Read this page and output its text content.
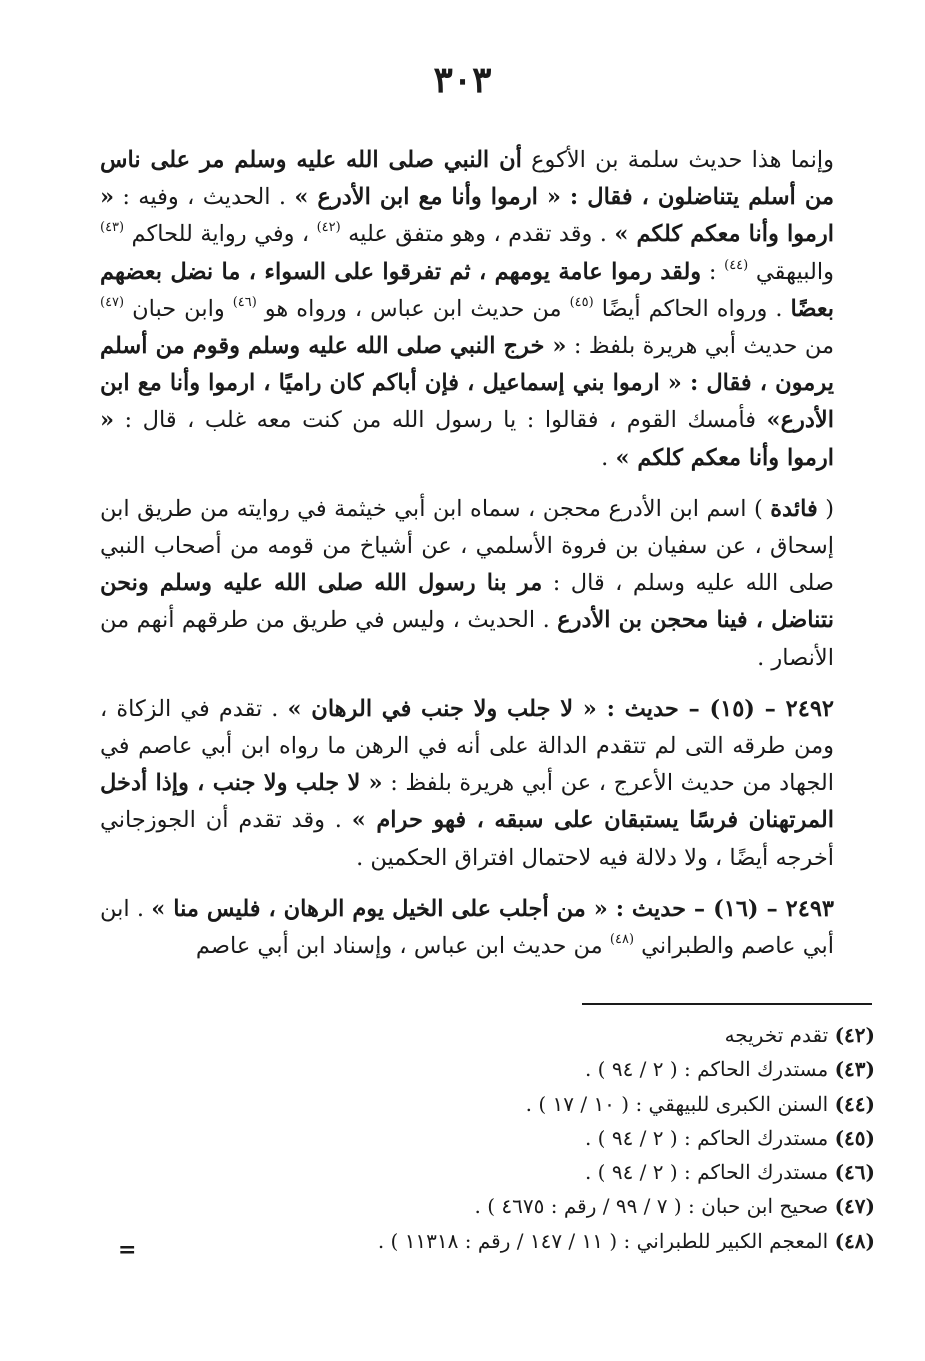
٣٠٣

وإنما هذا حديث سلمة بن الأكوع أن النبي صلى الله عليه وسلم مر على ناس من أسلم يتناضلون ، فقال : « ارموا وأنا مع ابن الأدرع » . الحديث ، وفيه : « ارموا وأنا معكم كلكم » . وقد تقدم ، وهو متفق عليه $^{(٤٢)}$ ، وفي رواية للحاكم $^{(٤٣)}$ والبيهقي $^{(٤٤)}$ : ولقد رموا عامة يومهم ، ثم تفرقوا على السواء ، ما نضل بعضهم بعضًا . ورواه الحاكم أيضًا $^{(٤٥)}$ من حديث ابن عباس ، ورواه هو $^{(٤٦)}$ وابن حبان $^{(٤٧)}$ من حديث أبي هريرة بلفظ : « خرج النبي صلى الله عليه وسلم وقوم من أسلم يرمون ، فقال : « ارموا بني إسماعيل ، فإن أباكم كان راميًا ، ارموا وأنا مع ابن الأدرع» فأمسك القوم ، فقالوا : يا رسول الله من كنت معه غلب ، قال : « ارموا وأنا معكم كلكم » .

( فائدة ) اسم ابن الأدرع محجن ، سماه ابن أبي خيثمة في روايته من طريق ابن إسحاق ، عن سفيان بن فروة الأسلمي ، عن أشياخ من قومه من أصحاب النبي صلى الله عليه وسلم ، قال : مر بنا رسول الله صلى الله عليه وسلم ونحن نتناضل ، فينا محجن بن الأدرع . الحديث ، وليس في طريق من طرقهم أنهم من الأنصار .

٢٤٩٢ – (١٥) – حديث : « لا جلب ولا جنب في الرهان » . تقدم في الزكاة ، ومن طرقه التى لم تتقدم الدالة على أنه في الرهن ما رواه ابن أبي عاصم في الجهاد من حديث الأعرج ، عن أبي هريرة بلفظ : « لا جلب ولا جنب ، وإذا أدخل المرتهنان فرسًا يستبقان على سبقه ، فهو حرام » . وقد تقدم أن الجوزجاني أخرجه أيضًا ، ولا دلالة فيه لاحتمال افتراق الحكمين .

٢٤٩٣ – (١٦) – حديث : « من أجلب على الخيل يوم الرهان ، فليس منا » . ابن أبي عاصم والطبراني $^{(٤٨)}$ من حديث ابن عباس ، وإسناد ابن أبي عاصم

(٤٢) تقدم تخريجه

(٤٣) مستدرك الحاكم : ( ٢ / ٩٤ ) .

(٤٤) السنن الكبرى للبيهقي : ( ١٠ / ١٧ ) .

(٤٥) مستدرك الحاكم : ( ٢ / ٩٤ ) .

(٤٦) مستدرك الحاكم : ( ٢ / ٩٤ ) .

(٤٧) صحيح ابن حبان : ( ٧ / ٩٩ / رقم : ٤٦٧٥ ) .

(٤٨) المعجم الكبير للطبراني : ( ١١ / ١٤٧ / رقم : ١١٣١٨ ) .

=
